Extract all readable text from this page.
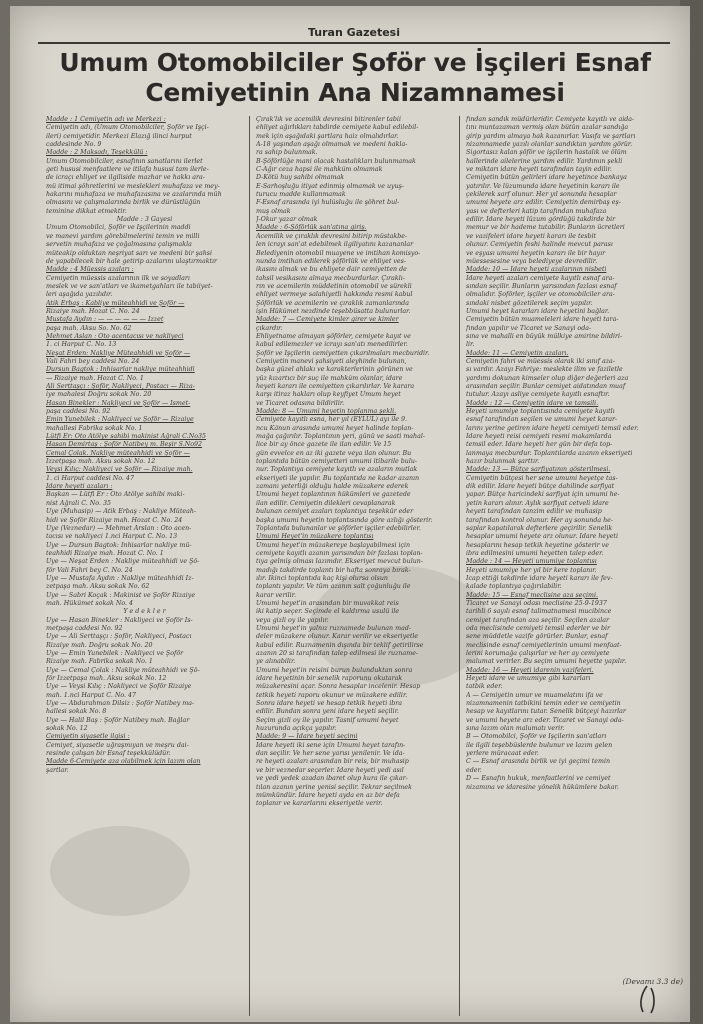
Turan Gazetesi
Umum Otomobilciler Şoför ve İşçileri Esnaf
Cemiyetinin Ana Nizamnamesi
Madde : 1 Cemiyetin adı ve Merkezi :
Cemiyetin adı, (Umum Otomobilciler, Şoför ve İşçi-
ileri) cemiyetidir. Merkezi Elazığ ilinci hurput
caddesinde No. 9
Madde : 2 Maksadı, Teşekkülü :
Umum Otomobilciler, esnafının sanatlarını ilerlet
geti hususi menfaatlere ve itilafa hususi tam ilerle-
de icraçı ehliyet ve ilgiliside mazhar ve hakkı ara-
mü itimai şöhretlerini ve meslekleri muhafaza ve mey-
hakarını muhafaza ve muhafazasına ve azalarında müh
olmasını ve çalışmalarında birlik ve dürüstlüğün
teminine dikkat etmektir.
Madde : 3 Gayesi
Umum Otomobilci, Şoför ve İşçilerinin maddi
ve manevi yardım görebilmelerini temin ve milli
servetin muhafaza ve çoğalmasına çalışmakla
müteakip olduktan neşriyat sarı ve medeni bir şahsi
de yapabilecek bir hale getirip azalarını ulaştırmaktır
Madde : 4 Müessis azaları :
Cemiyetin müessis azalarının ilk ve soyadları
meslek ve ve san'atları ve ikametgahları ile tabiiyet-
leri aşağıda yazılıdır.
Atik Erbaş : Kabliye müteahhidi ve Şoför —
Rizaiye mah. Hozat C. No. 24
Mustafa Aydın : — — — — — — İzzet
paşa mah. Aksu So. No. 62
Mehmet Aslan : Oto acentacısı ve nakliyeci
1. ci Harput C. No. 13
Neşat Erden: Nakliye Müteahhidi ve Şoför —
Vali Fahri bey caddesi No. 24
Dursun Bagtok : İnhisarlar nakliye müteahhidi
— Rizaiye mah. Hozat C. No. 1
Ali Serttaşçı : Şoför, Nakliyeci, Postacı — Riza-
iye mahalesi Doğru sokak No. 20
Hasan Binekler : Nakliyeci ve Şoför — İsmet-
paşa caddesi No. 92
Emin Yunebilek : Nakliyeci ve Şoför — Rizaiye
mahallesi Fabrika sokak No. 1
Lütfi Er: Oto Atölye sahibi makinist Ağrali C.No35
Hasan Demirtaş : Şoför Natibey m. Beşir S.No92
Cemal Çolak. Nakliye müteahhidi ve Şoför —
İzzetpaşa mah. Aksu sokak No. 12
Veysi Kılıç: Nakliyeci ve Şoför — Rizaiye mah.
1. ci Harput caddesi No. 47
İdare heyeti azaları :
Başkan — Lütfi Er : Oto Atölye sahibi maki-
nist Ağrali C. No. 35
Üye (Muhasip) — Atik Erbaş : Nakliye Müteah-
hidi ve Şoför Rizaiye mah. Hozat C. No. 24
Üye (Veznedar) — Mehmet Arslan : Oto acen-
tacısı ve nakliyeci 1.nci Harput C. No. 13
Üye — Dursun Bagtok: İnhisarlar nakliye mü-
teahhidi Rizaiye mah. Hozat C. No. 1
Üye — Neşat Erden : Nakliye müteahhidi ve Şö-
för Vali Fahri bey C. No. 24
Üye — Mustafa Aydın : Nakliye müteahhidi İz-
zetpaşa mah. Aksu sokak No. 62
Üye — Sabri Koçak : Makinist ve Şoför Rizaiye
mah. Hükümet sokak No. 4
Y e d e k l e r
Üye — Hasan Binekler : Nakliyeci ve Şoför İs-
metpaşa caddesi No. 92
Üye — Ali Serttaşçı : Şoför, Nakliyeci, Postacı
Rizaiye mah. Doğru sokak No. 20
Üye — Emin Yunebilek : Nakliyeci ve Şoför
Rizaiye mah. Fabrika sokak No. 1
Üye — Cemal Çolak : Nakliye müteahhidi ve Şö-
för İzzetpaşa mah. Aksu sokak No. 12
Üye — Veysi Kılıç : Nakliyeci ve Şoför Rizaiye
mah. 1.nci Harput C. No. 47
Üye — Abdurahman Dilsiz : Şoför Natibey ma-
hallesi sokak No. 8
Üye — Halil Baş : Şoför Natibey mah. Bağlar
sokak No. 12
Cemiyetin siyasetle ilgisi :
Cemiyet, siyasetle uğraşmıyan ve meşru dai-
resinde çalışan bir Esnaf teşekkülüdür.
Madde 6-Cemiyete aza olabilmek için lazım olan
şartlar.
Çırak'lık ve acemilik devresini bitirenler tabii
ehliyet ağırlıkları tabdirde cemiyete kabul edilebil-
mek için aşağıdaki şartlara haiz olmalıdırlar.
A-18 yaşından aşağı olmamak ve medeni hakla-
ra sahip bulunmak.
B-Şöförlüğe mani olacak hastalıkları bulunmamak
C-Ağır ceza hapsi ile mahkûm olmamak
D-Kötü huy sahibi olmamak
E-Sarhoşluğu itiyat edinmiş olmamak ve uyuş-
turucu madde kullanmamak
F-Esnaf arasında iyi hulûsluğu ile şöhret bul-
muş olmak
J-Okur yazar olmak
Madde : 6-Şöförlük san'atına giriş.
Acemilik ve çıraklık devresini bitirip müstakbe-
len icrayı san'at edebilmek ilgiliyatını kazananlar
Belediyenin otomobil muayene ve imtihan komisyo-
nunda imtihan edilerek şöförlük ve ehliyet ves-
ikasını almak ve bu ehliyete dair cemiyetten de
tahsil vesikasını almaya mecburdurlar. Çıraklı-
rın ve acemilerin müddetinin otomobil ve sürekli
ehliyet vermeye salahiyetli hakkında resmi kabul
Şöförlük ve acemilerin ve çıraklık zamanlarında
işin Hükûmet nezdinde teşebbüsatta bulunurlar.
Madde: 7 — Cemiyete kimler girer ve kimler
çıkardır.
Ehliyetname almayan şöförler, cemiyete kayıt ve
kabul edilemezler ve icrayı san'atı menedilirler.
Şoför ve İşçilerin cemiyetten çıkarılmaları mecburidir.
Cemiyetin manevi şahsiyeti aleyhinde bulunan,
başka güzel ahlakı ve karakterlerinin görünen ve
yüz kızartıcı bir suç ile mahkûm olanlar, idare
heyeti kararı ile cemiyetten çıkarılırlar. Ve karara
karşı itiraz hakları olup keyfiyet Umum heyet
ve Ticaret odasına bildirilir.
Madde: 8 — Umumi heyetin toplanma şekli.
Cemiyete kayıtlı esna, her yıl (EYLÜL) ayı ile 9.
ncu Kânun arasında umumi heyet halinde toplan-
mağa çağırılır. Toplantının yeri, günü ve saati mahal-
lice bir ay önce gazete ile ilan edilir. Ve 15
gün evvelce en az iki gazete veya ilan olunur. Bu
toplantıda bütün cemiyetteri umumi itibarile bulu-
nur. Toplantıya cemiyete kayıtlı ve azaların mutlak
ekseriyeti ile yapılır. Bu toplantıda ne kadar azanın
zamanı yeterliği olduğu halde müzakere ederek
Umumi heyet toplantının hükümleri ve gazetede
ilan edilir. Cemiyetin dilekleri cevaplanarak
bulunan cemiyet azaları toplantıya teşekkür eder
başka umumi heyetin toplantısında göre azlığı gösterir.
Toplantıda bulunanlar ve şöförler işçiler edebilirler.
Umumi Heyet'in müzakere toplantısı
Umumi heyet'in müzakereye başlayabilmesi için
cemiyete kayıtlı azanın yarısından bir fazlası toplan-
tıya gelmiş olması lazımdır. Ekseriyet mevcut bulun-
madığı takdirde toplantı bir hafta sonraya bırak-
ılır. İkinci toplantıda kaç kişi olursa olsun
toplantı yapılır. Ve tüm azanın salt çoğunluğu ile
karar verilir.
Umumi heyet'in arasından bir muvakkat reis
iki katip seçer. Seçimde el kaldırma usulü ile
veya gizli oy ile yapılır.
Umumi heyet'in yalnız ruznamede bulunan mad-
deler müzakere olunur. Karar verilir ve ekseriyetle
kabul edilir. Ruznamenin dışında bir teklif getirilirse
azanın 20 si tarafından talep edilmesi ile ruzname-
ye alınabilir.
Umumi heyet'in reisini burun bulunduktan sonra
idare heyetinin bir senelik raporunu okutarak
müzakeresini açar. Sonra hesaplar incelenir. Hesap
tetkik heyeti raporu okunur ve müzakere edilir.
Sonra idare heyeti ve hesap tetkik heyeti ibra
edilir. Bundan sonra yeni idare heyeti seçilir.
Seçim gizli oy ile yapılır. Tasnif umumi heyet
huzurunda açıkça yapılır.
Madde: 9 — İdare heyeti seçimi
İdare heyeti iki sene için Umumi heyet tarafın-
dan seçilir. Ve her sene yarısı yenilenir. Ve ida-
re heyeti azaları arasından bir reis, bir muhasip
ve bir veznedar seçerler. İdare heyeti yedi asıl
ve yedi yedek azadan ibaret olup kura ile çıkar-
tılan azanın yerine yenisi seçilir. Tekrar seçilmek
mümkündür. İdare heyeti ayda en az bir defa
toplanır ve kararlarını ekseriyetle verir.
fından sandık müdürleridir. Cemiyete kayıtlı ve aida-
tını muntazaman vermiş olan bütün azalar sandığa
girip yardım almaya hak kazanırlar. Vasıfa ve şartları
nizamnamede yazılı olanlar sandıktan yardım görür.
Sigortasız kalan şöför ve işçilerin hastalık ve ölüm
hallerinde ailelerine yardım edilir. Yardımın şekli
ve miktarı idare heyeti tarafından tayin edilir.
Cemiyetin bütün gelirleri idare heyetince bankaya
yatırılır. Ve lüzumunda idare heyetinin kararı ile
çekilerek sarf olunur. Her yıl sonunda hesaplar
umumi heyete arz edilir. Cemiyetin demirbaş eş-
yası ve defterleri katip tarafından muhafaza
edilir. İdare heyeti lüzum gördüğü takdirde bir
memur ve bir hademe tutabilir. Bunların ücretleri
ve vazifeleri idare heyeti kararı ile tesbit
olunur. Cemiyetin feshi halinde mevcut parası
ve eşyası umumi heyetin kararı ile bir hayır
müessesesine veya belediyeye devredilir.
Madde: 10 — İdare heyeti azalarının nisbeti
İdare heyeti azaları cemiyete kayıtlı esnaf ara-
sından seçilir. Bunların yarısından fazlası esnaf
olmalıdır. Şoförler, işçiler ve otomobilciler ara-
sındaki nisbet gözetilerek seçim yapılır.
Umumi heyet kararları idare heyetini bağlar.
Cemiyetin bütün muameleleri idare heyeti tara-
fından yapılır ve Ticaret ve Sanayi oda-
sına ve mahalli en büyük mülkiye amirine bildiri-
lir.
Madde: 11 — Cemiyetin azaları.
Cemiyetin fahri ve müessis olarak iki sınıf aza-
sı vardır. Azayı Fahriye: meslekte ilim ve faziletle
yardımı dokunan kimseler olup diğer değerleri aza
arasından seçilir. Bunlar cemiyet aidatından muaf
tutulur. Azayı asliye cemiyete kayıtlı esnaftır.
Madde : 12 — Cemiyetin idare ve tamsili.
Heyeti umumiye toplantısında cemiyete kayıtlı
esnaf tarafından seçilen ve umumi heyet karar-
larını yerine getiren idare heyeti cemiyeti temsil eder.
İdare heyeti reisi cemiyeti resmi makamlarda
temsil eder. İdare heyeti her gün bir defa top-
lanmaya mecburdur. Toplantılarda azanın ekseriyeti
hazır bulunmak şarttır.
Madde: 13 — Bütçe sarfiyatının gösterilmesi.
Cemiyetin bütçesi her sene umumi heyetçe tas-
dik edilir. İdare heyeti bütçe dahilinde sarfiyat
yapar. Bütçe haricindeki sarfiyat için umumi he-
yetin kararı alınır. Aylık sarfiyat cetveli idare
heyeti tarafından tanzim edilir ve muhasip
tarafından kontrol olunur. Her ay sonunda he-
saplar kapatılarak defterlere geçirilir. Senelik
hesaplar umumi heyete arz olunur. İdare heyeti
hesaplarını hesap tetkik heyetine gösterir ve
ibra edilmesini umumi heyetten talep eder.
Madde : 14 — Heyeti umumiye toplantısı
Heyeti umumiye her yıl bir kere toplanır.
İcap ettiği takdirde idare heyeti kararı ile fev-
kalade toplantıya çağırılabilir.
Madde: 15 — Esnaf meclisine aza seçimi.
Ticaret ve Sanayi odası meclisine 25-9-1937
tarihli 6 sayılı esnaf talimatnamesi mucibince
cemiyet tarafından aza seçilir. Seçilen azalar
oda meclisinde cemiyeti temsil ederler ve bir
sene müddetle vazife görürler. Bunlar, esnaf
meclisinde esnaf cemiyetlerinin umumi menfaat-
lerini korumağa çalışırlar ve her ay cemiyete
malumat verirler. Bu seçim umumi heyette yapılır.
Madde: 16 — Heyeti idarenin vazifeleri.
Heyeti idare ve umumiye gibi kararları
tatbik eder.
A — Cemiyetin umur ve muamelatını ifa ve
nizamnamenin tatbikini temin eder ve cemiyetin
hesap ve kayıtlarını tutar. Senelik bütçeyi hazırlar
ve umumi heyete arz eder. Ticaret ve Sanayi oda-
sına lazım olan malumatı verir.
B — Otomobilci, Şoför ve İşçilerin san'atları
ile ilgili teşebbüslerde bulunur ve lazım gelen
yerlere müracaat eder.
C — Esnaf arasında birlik ve iyi geçimi temin
eder.
D — Esnafın hukuk, menfaatlerini ve cemiyet
nizamına ve idaresine yönelik hükümlere bakar.
(Devamı 3.3 de)
